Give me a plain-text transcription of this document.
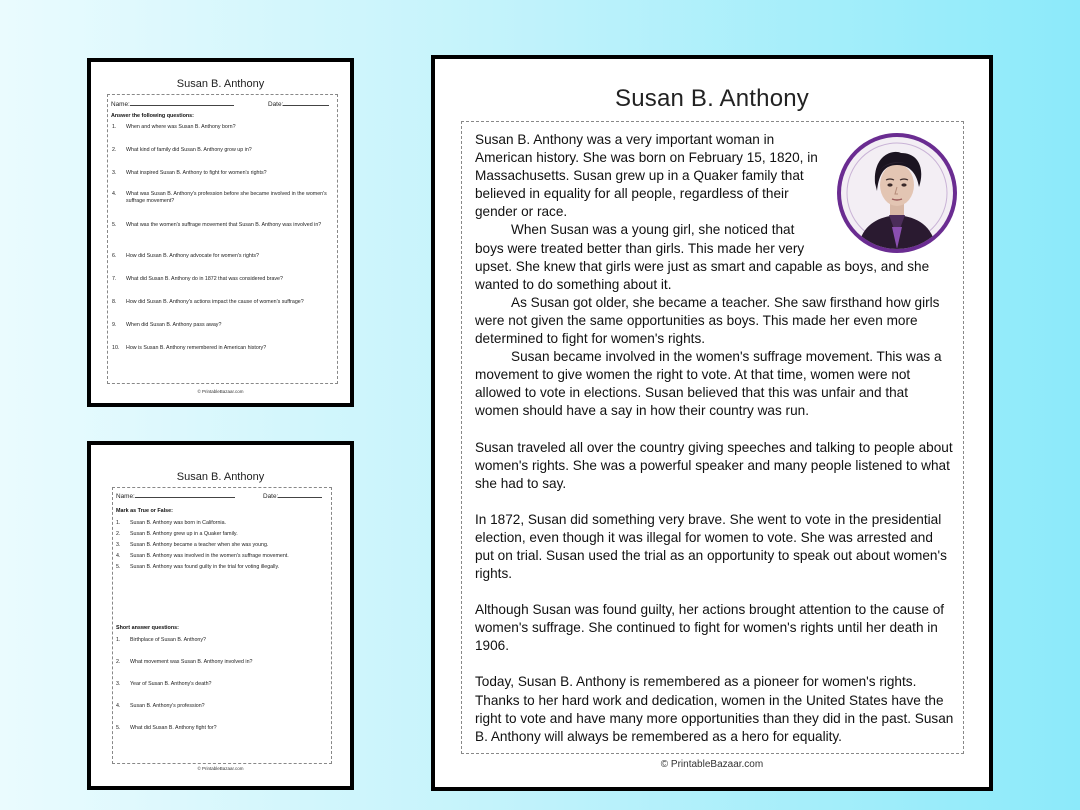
Susan B. Anthony
Name:	Date:
Answer the following questions:
1. When and where was Susan B. Anthony born?
2. What kind of family did Susan B. Anthony grow up in?
3. What inspired Susan B. Anthony to fight for women's rights?
4. What was Susan B. Anthony's profession before she became involved in the women's suffrage movement?
5. What was the women's suffrage movement that Susan B. Anthony was involved in?
6. How did Susan B. Anthony advocate for women's rights?
7. What did Susan B. Anthony do in 1872 that was considered brave?
8. How did Susan B. Anthony's actions impact the cause of women's suffrage?
9. When did Susan B. Anthony pass away?
10. How is Susan B. Anthony remembered in American history?
© PrintableBazaar.com
Susan B. Anthony
Name:	Date:
Mark as True or False:
1. Susan B. Anthony was born in California.
2. Susan B. Anthony grew up in a Quaker family.
3. Susan B. Anthony became a teacher when she was young.
4. Susan B. Anthony was involved in the women's suffrage movement.
5. Susan B. Anthony was found guilty in the trial for voting illegally.
Short answer questions:
1. Birthplace of Susan B. Anthony?
2. What movement was Susan B. Anthony involved in?
3. Year of Susan B. Anthony's death?
4. Susan B. Anthony's profession?
5. What did Susan B. Anthony fight for?
© PrintableBazaar.com
Susan B. Anthony

Susan B. Anthony was a very important woman in American history. She was born on February 15, 1820, in Massachusetts. Susan grew up in a Quaker family that believed in equality for all people, regardless of their gender or race.

When Susan was a young girl, she noticed that boys were treated better than girls. This made her very upset. She knew that girls were just as smart and capable as boys, and she wanted to do something about it.

As Susan got older, she became a teacher. She saw firsthand how girls were not given the same opportunities as boys. This made her even more determined to fight for women's rights.

Susan became involved in the women's suffrage movement. This was a movement to give women the right to vote. At that time, women were not allowed to vote in elections. Susan believed that this was unfair and that women should have a say in how their country was run.

Susan traveled all over the country giving speeches and talking to people about women's rights. She was a powerful speaker and many people listened to what she had to say.

In 1872, Susan did something very brave. She went to vote in the presidential election, even though it was illegal for women to vote. She was arrested and put on trial. Susan used the trial as an opportunity to speak out about women's rights.

Although Susan was found guilty, her actions brought attention to the cause of women's suffrage. She continued to fight for women's rights until her death in 1906.

Today, Susan B. Anthony is remembered as a pioneer for women's rights. Thanks to her hard work and dedication, women in the United States have the right to vote and have many more opportunities than they did in the past. Susan B. Anthony will always be remembered as a hero for equality.

© PrintableBazaar.com
